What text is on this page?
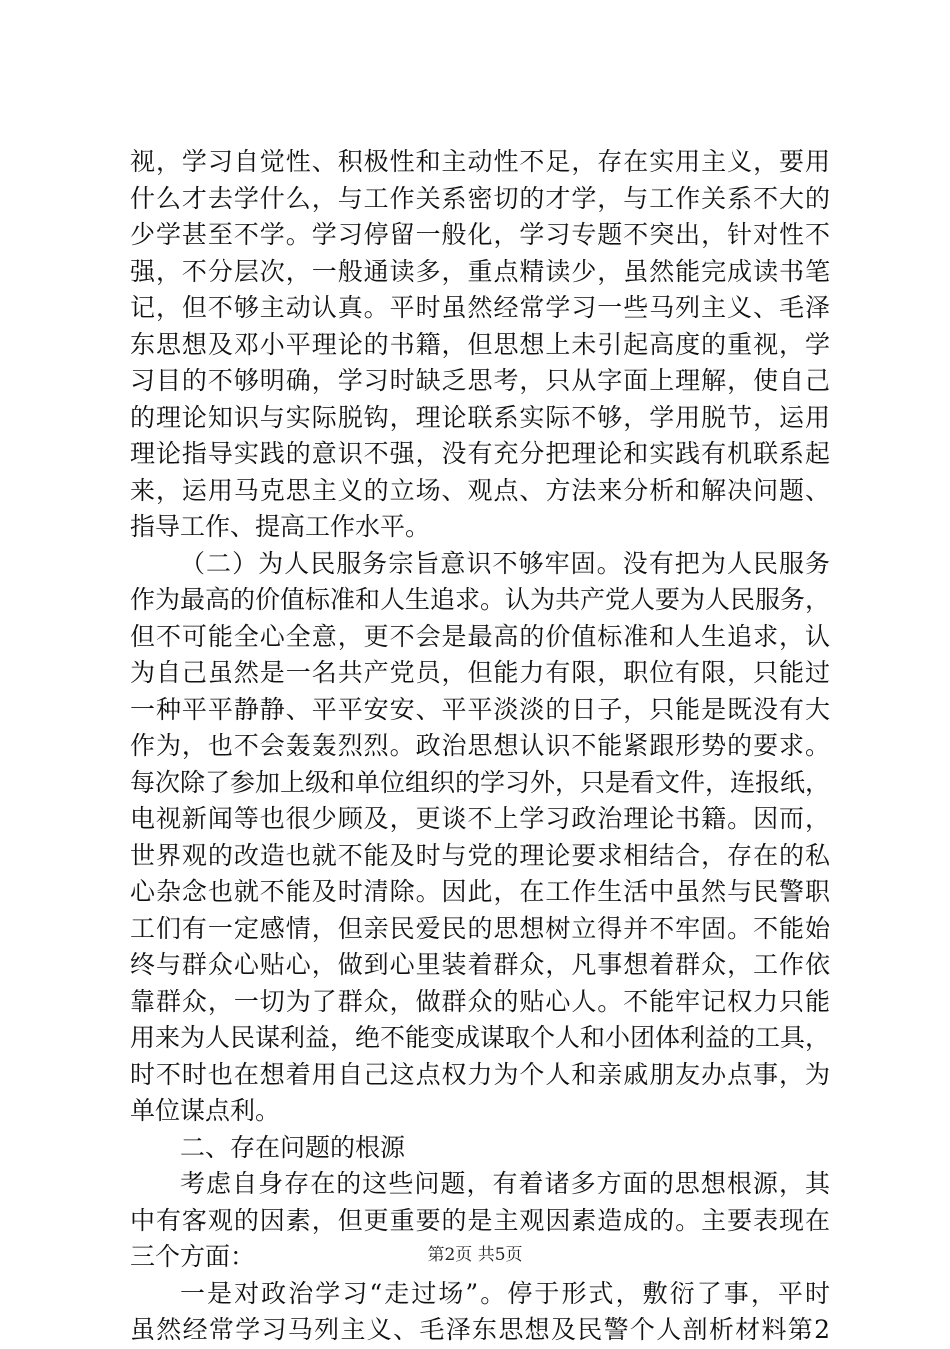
视，学习自觉性、积极性和主动性不足，存在实用主义，要用
什么才去学什么，与工作关系密切的才学，与工作关系不大的
少学甚至不学。学习停留一般化，学习专题不突出，针对性不
强，不分层次，一般通读多，重点精读少，虽然能完成读书笔
记，但不够主动认真。平时虽然经常学习一些马列主义、毛泽
东思想及邓小平理论的书籍，但思想上未引起高度的重视，学
习目的不够明确，学习时缺乏思考，只从字面上理解，使自己
的理论知识与实际脱钩，理论联系实际不够，学用脱节，运用
理论指导实践的意识不强，没有充分把理论和实践有机联系起
来，运用马克思主义的立场、观点、方法来分析和解决问题、
指导工作、提高工作水平。
（二）为人民服务宗旨意识不够牢固。没有把为人民服务
作为最高的价值标准和人生追求。认为共产党人要为人民服务，
但不可能全心全意，更不会是最高的价值标准和人生追求，认
为自己虽然是一名共产党员，但能力有限，职位有限，只能过
一种平平静静、平平安安、平平淡淡的日子，只能是既没有大
作为，也不会轰轰烈烈。政治思想认识不能紧跟形势的要求。
每次除了参加上级和单位组织的学习外，只是看文件，连报纸，
电视新闻等也很少顾及，更谈不上学习政治理论书籍。因而，
世界观的改造也就不能及时与党的理论要求相结合，存在的私
心杂念也就不能及时清除。因此，在工作生活中虽然与民警职
工们有一定感情，但亲民爱民的思想树立得并不牢固。不能始
终与群众心贴心，做到心里装着群众，凡事想着群众，工作依
靠群众，一切为了群众，做群众的贴心人。不能牢记权力只能
用来为人民谋利益，绝不能变成谋取个人和小团体利益的工具，
时不时也在想着用自己这点权力为个人和亲戚朋友办点事，为
单位谋点利。
二、存在问题的根源
考虑自身存在的这些问题，有着诸多方面的思想根源，其
中有客观的因素，但更重要的是主观因素造成的。主要表现在
三个方面：
一是对政治学习“走过场”。停于形式，敷衍了事，平时
虽然经常学习马列主义、毛泽东思想及民警个人剖析材料第2
第2页 共5页
